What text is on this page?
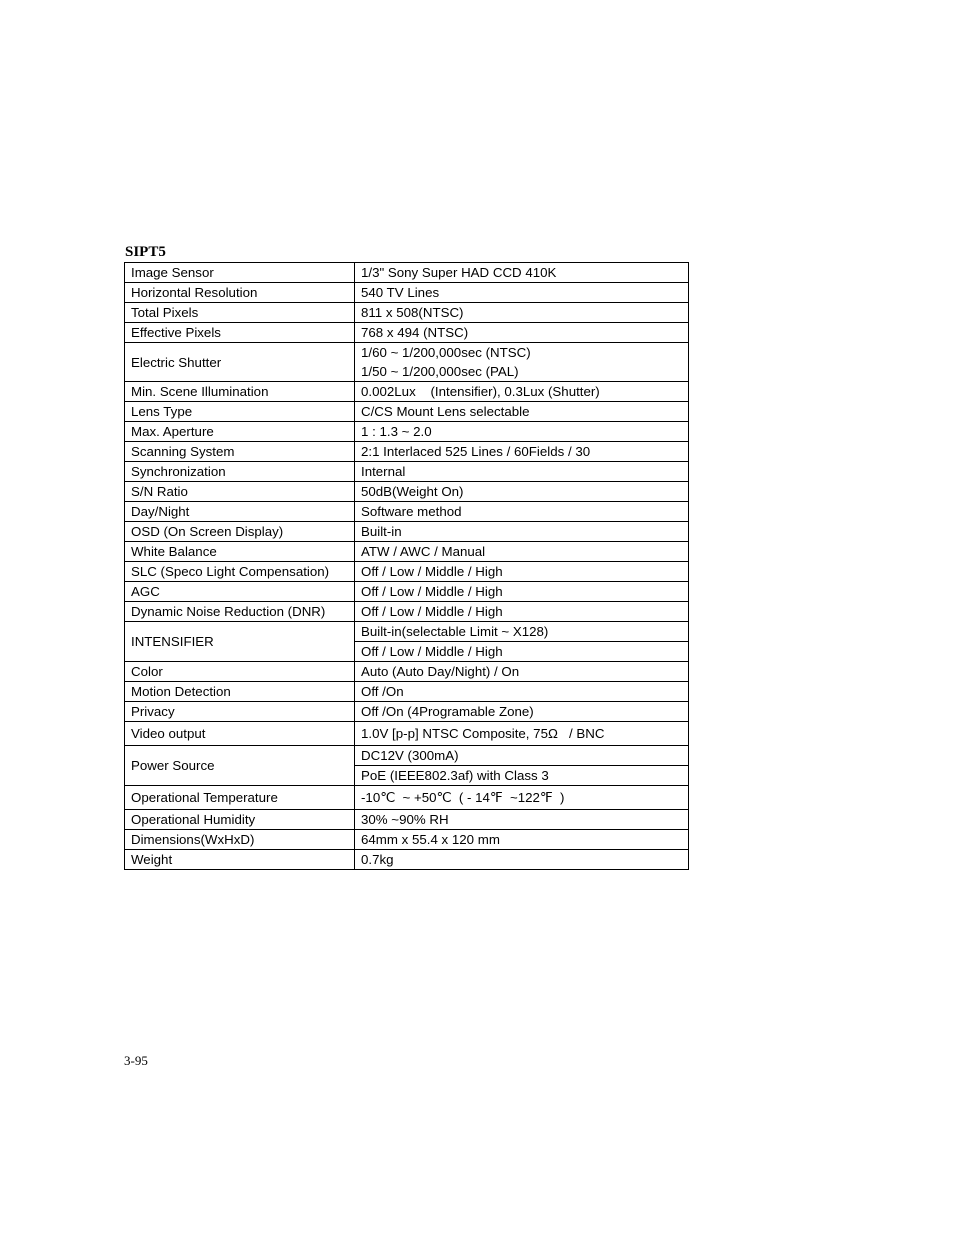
SIPT5
Image Sensor	1/3" Sony Super HAD CCD 410K
Horizontal Resolution	540 TV Lines
Total Pixels	811 x 508(NTSC)
Effective Pixels	768 x 494 (NTSC)
Electric Shutter	1/60 ~ 1/200,000sec (NTSC)
	1/50 ~ 1/200,000sec (PAL)
Min. Scene Illumination	0.002Lux    (Intensifier), 0.3Lux (Shutter)
Lens Type	C/CS Mount Lens selectable
Max. Aperture	1 : 1.3 ~ 2.0
Scanning System	2:1 Interlaced 525 Lines / 60Fields / 30
Synchronization	Internal
S/N Ratio	50dB(Weight On)
Day/Night	Software method
OSD (On Screen Display)	Built-in
White Balance	ATW / AWC / Manual
SLC (Speco Light Compensation)	Off / Low / Middle / High
AGC	Off / Low / Middle / High
Dynamic Noise Reduction (DNR)	Off / Low / Middle / High
INTENSIFIER	Built-in(selectable Limit ~ X128)
	Off / Low / Middle / High
Color	Auto (Auto Day/Night) / On
Motion Detection	Off /On
Privacy	Off /On (4Programable Zone)
Video output	1.0V [p-p] NTSC Composite, 75Ω   / BNC
Power Source	DC12V (300mA)
	PoE (IEEE802.3af) with Class 3
Operational Temperature	-10℃  ~ +50℃  ( - 14℉  ~122℉  )
Operational Humidity	30% ~90% RH
Dimensions(WxHxD)	64mm x 55.4 x 120 mm
Weight	0.7kg
3-95
